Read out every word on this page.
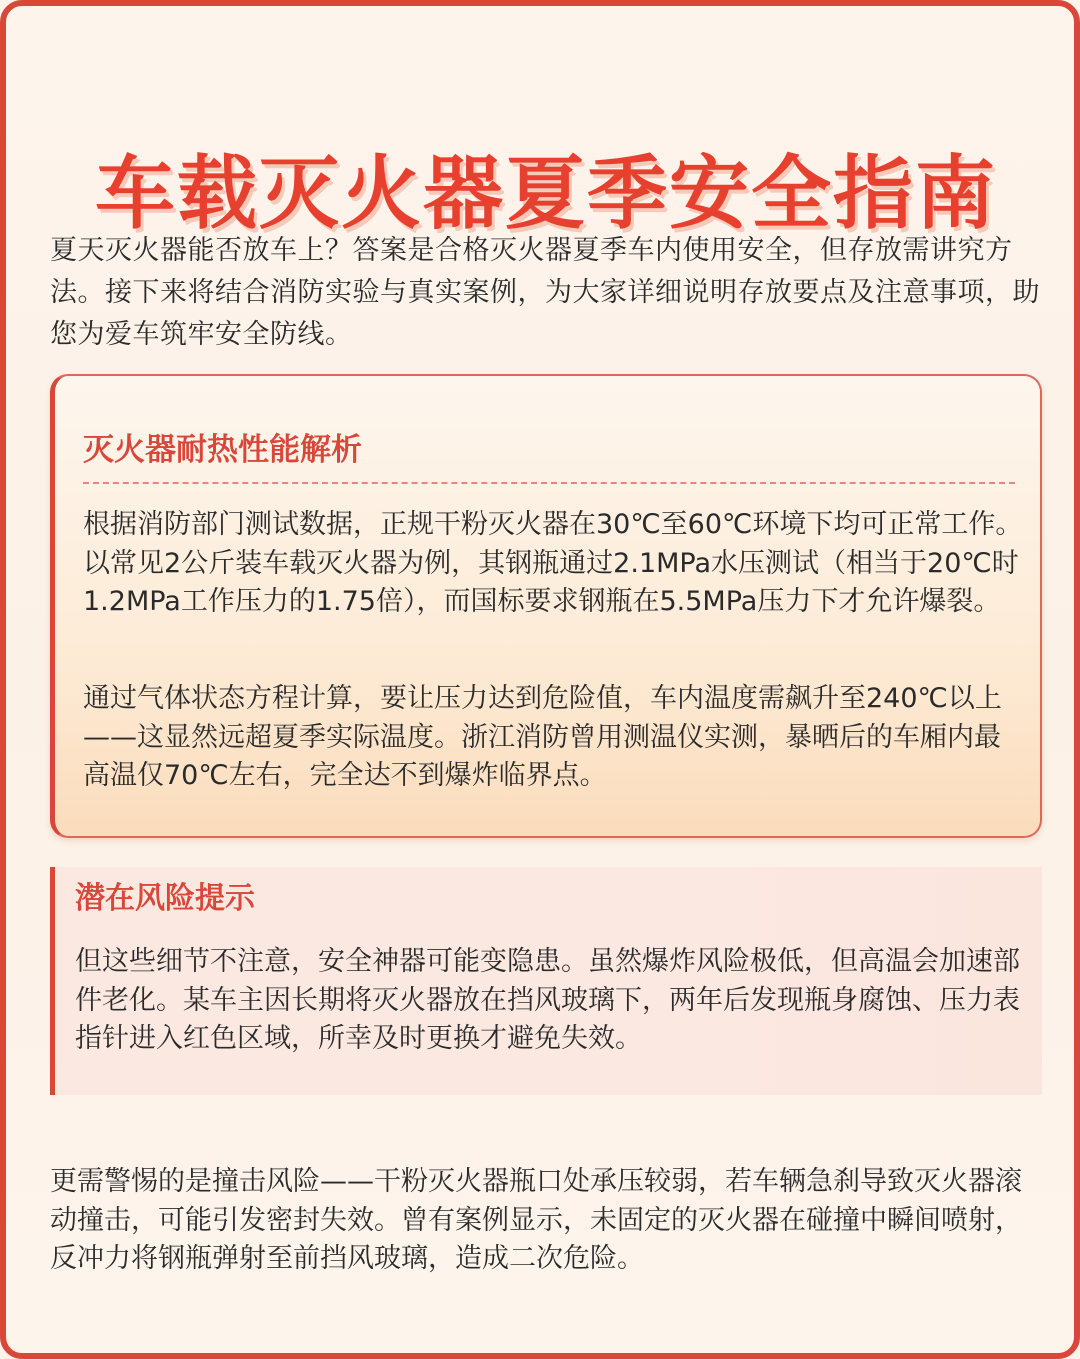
车载灭火器夏季安全指南

夏天灭火器能否放车上？答案是合格灭火器夏季车内使用安全，但存放需讲究方法。接下来将结合消防实验与真实案例，为大家详细说明存放要点及注意事项，助您为爱车筑牢安全防线。

灭火器耐热性能解析

根据消防部门测试数据，正规干粉灭火器在30℃至60℃环境下均可正常工作。以常见2公斤装车载灭火器为例，其钢瓶通过2.1MPa水压测试（相当于20℃时1.2MPa工作压力的1.75倍），而国标要求钢瓶在5.5MPa压力下才允许爆裂。

通过气体状态方程计算，要让压力达到危险值，车内温度需飙升至240℃以上——这显然远超夏季实际温度。浙江消防曾用测温仪实测，暴晒后的车厢内最高温仅70℃左右，完全达不到爆炸临界点。

潜在风险提示

但这些细节不注意，安全神器可能变隐患。虽然爆炸风险极低，但高温会加速部件老化。某车主因长期将灭火器放在挡风玻璃下，两年后发现瓶身腐蚀、压力表指针进入红色区域，所幸及时更换才避免失效。

更需警惕的是撞击风险——干粉灭火器瓶口处承压较弱，若车辆急刹导致灭火器滚动撞击，可能引发密封失效。曾有案例显示，未固定的灭火器在碰撞中瞬间喷射，反冲力将钢瓶弹射至前挡风玻璃，造成二次危险。
